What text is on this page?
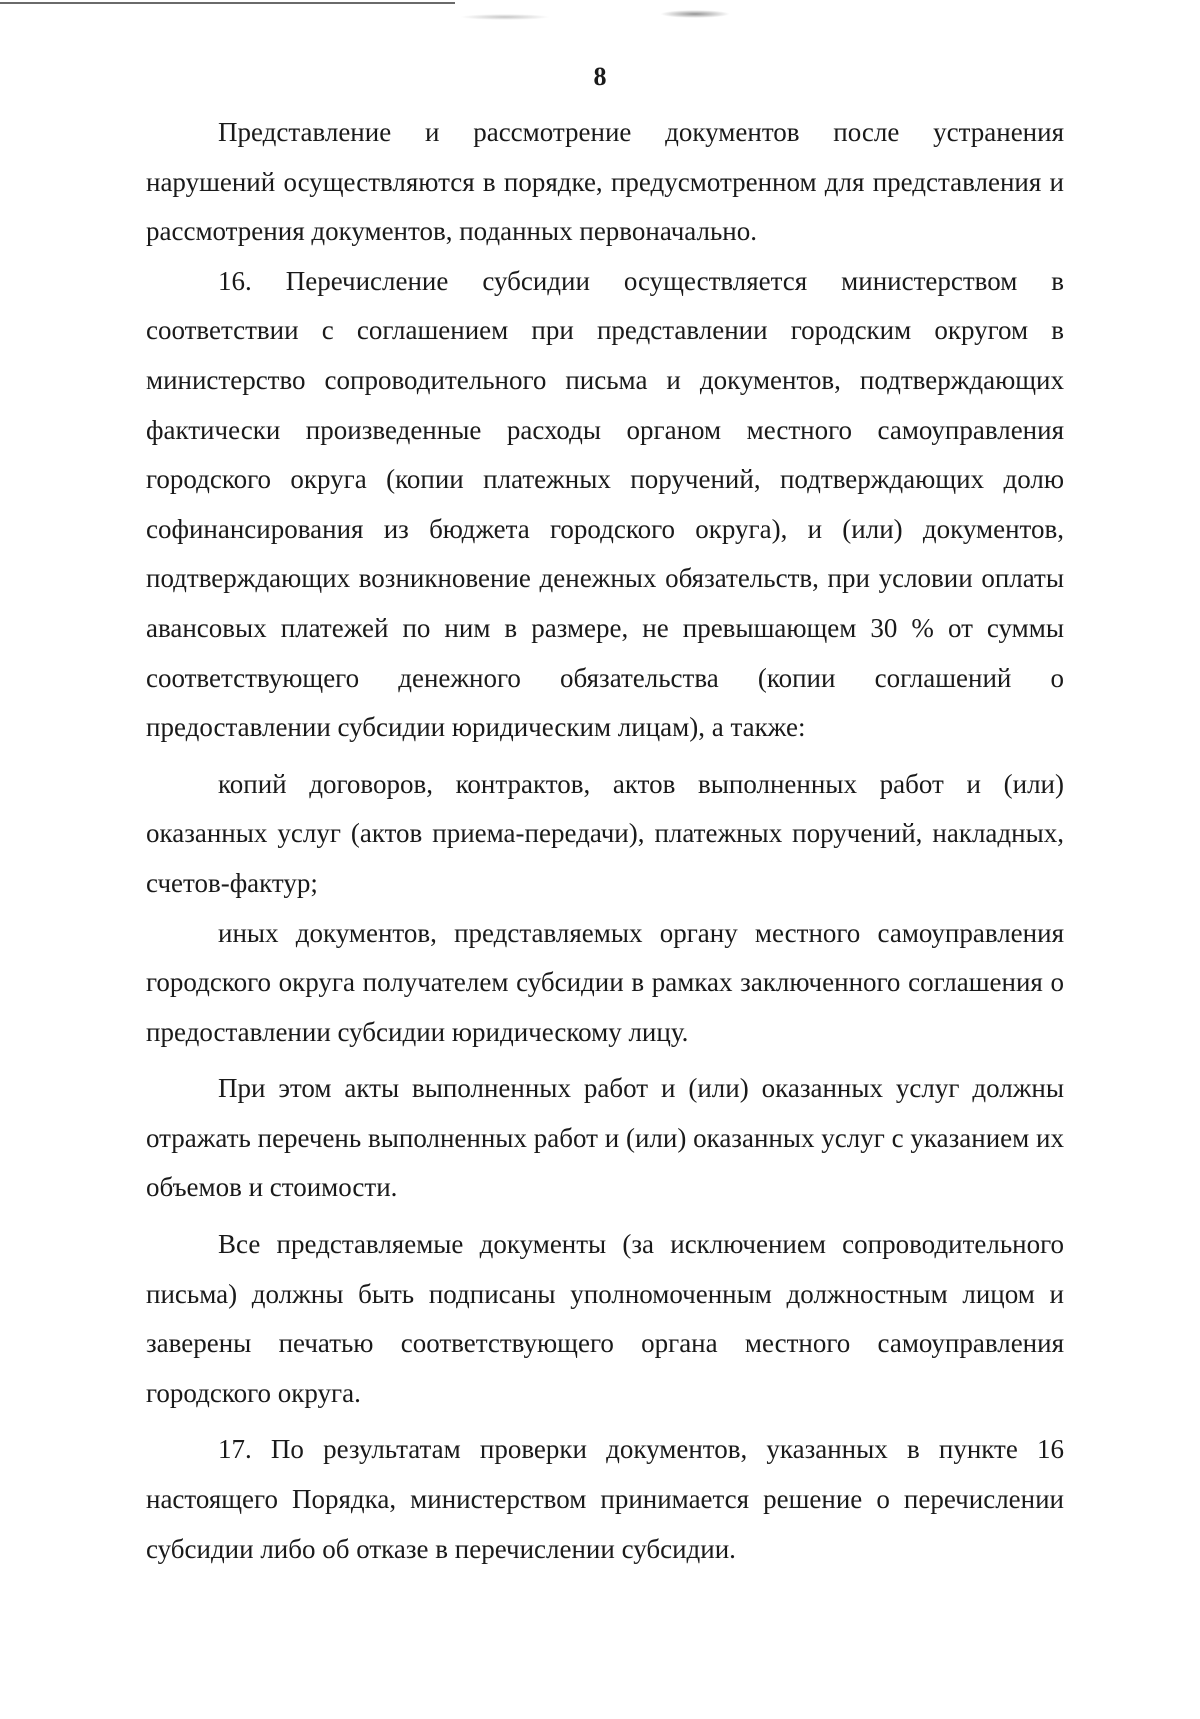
8

Представление и рассмотрение документов после устранения нарушений осуществляются в порядке, предусмотренном для представления и рассмотрения документов, поданных первоначально.

16. Перечисление субсидии осуществляется министерством в соответствии с соглашением при представлении городским округом в министерство сопроводительного письма и документов, подтверждающих фактически произведенные расходы органом местного самоуправления городского округа (копии платежных поручений, подтверждающих долю софинансирования из бюджета городского округа), и (или) документов, подтверждающих возникновение денежных обязательств, при условии оплаты авансовых платежей по ним в размере, не превышающем 30 % от суммы соответствующего денежного обязательства (копии соглашений о предоставлении субсидии юридическим лицам), а также:

копий договоров, контрактов, актов выполненных работ и (или) оказанных услуг (актов приема-передачи), платежных поручений, накладных, счетов-фактур;

иных документов, представляемых органу местного самоуправления городского округа получателем субсидии в рамках заключенного соглашения о предоставлении субсидии юридическому лицу.

При этом акты выполненных работ и (или) оказанных услуг должны отражать перечень выполненных работ и (или) оказанных услуг с указанием их объемов и стоимости.

Все представляемые документы (за исключением сопроводительного письма) должны быть подписаны уполномоченным должностным лицом и заверены печатью соответствующего органа местного самоуправления городского округа.

17. По результатам проверки документов, указанных в пункте 16 настоящего Порядка, министерством принимается решение о перечислении субсидии либо об отказе в перечислении субсидии.
